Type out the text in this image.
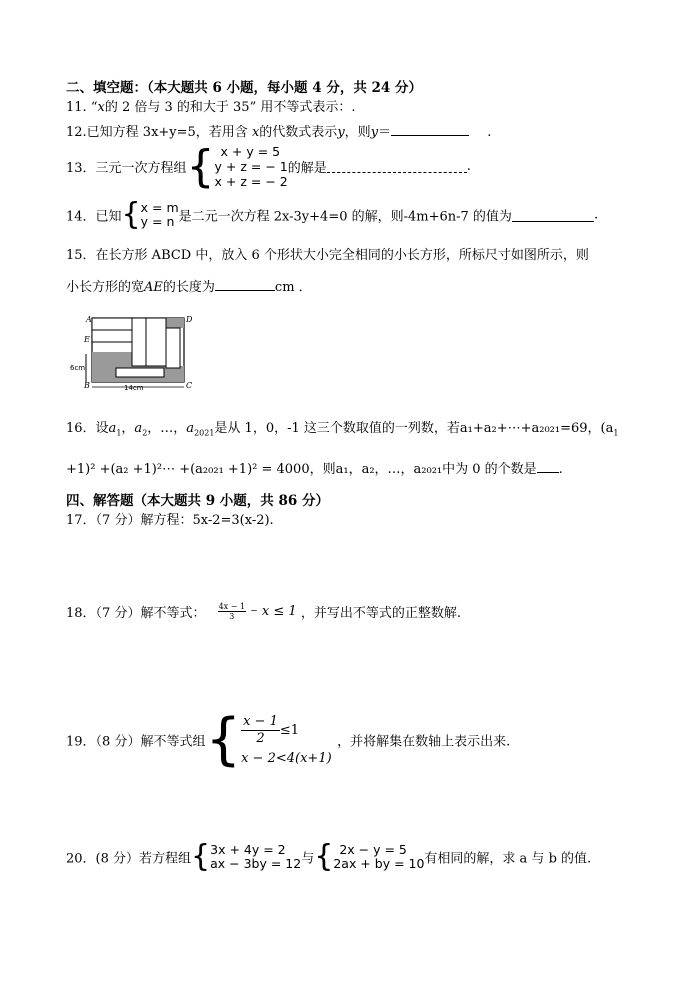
二、填空题：（本大题共 6 小题，每小题 4 分，共 24 分）
11. “x的 2 倍与 3 的和大于 35” 用不等式表示：.
12.已知方程 3x+y=5，若用含 x的代数式表示y，则y＝	.
13．三元一次方程组{ x + y = 5
y + z = − 1
x + z = − 2
的解是	.
14．已知{ x = m
y = n 是二元一次方程 2x-3y+4=0 的解，则-4m+6n-7 的值为	.
15．在长方形 ABCD 中，放入 6 个形状大小完全相同的小长方形，所标尺寸如图所示，则
小长方形的宽AE的长度为	cm ．
A	D
E
B	C
6cm
14cm
16．设$a_1$，$a_2$，…，$a_{2021}$是从 1，0，-1 这三个数取值的一列数，若a₁+a₂+⋯+a₂₀₂₁=69，($a_1$
+1)² +(a₂ +1)²⋯ +(a₂₀₂₁ +1)² = 4000，则a₁，a₂，…，a₂₀₂₁中为 0 的个数是 .
四、解答题（本大题共 9 小题，共 86 分）
17．（7 分）解方程：5x-2=3(x-2).
18．（7 分）解不等式： $\frac{4x - 1}{3} - x \le 1$ ，并写出不等式的正整数解.
19．（8 分）解不等式组{ $\frac{x - 1}{2} \le 1$
x − 2<4(x+1)
，并将解集在数轴上表示出来.
20．(8 分）若方程组{ 3x + 4y = 2
ax − 3by = 12 与{ 2x − y = 5
2ax + by = 10 有相同的解，求 a 与 b 的值.
